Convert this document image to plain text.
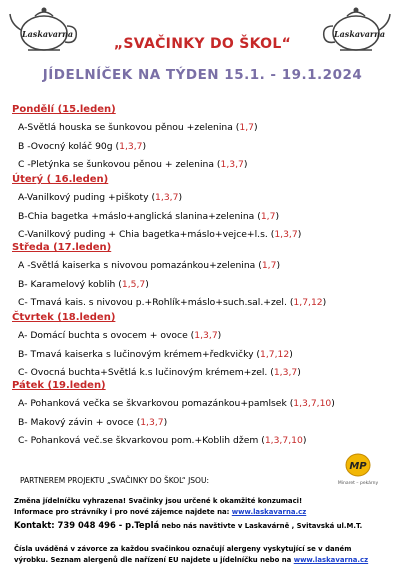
Laskavarna	Laskavarna
„SVAČINKY DO ŠKOL“
JÍDELNÍČEK NA TÝDEN 15.1. - 19.1.2024
Pondělí (15.leden)
A-Světlá houska se šunkovou pěnou +zelenina (1,7)
B -Ovocný koláč 90g (1,3,7)
C -Pletýnka se šunkovou pěnou + zelenina (1,3,7)
Úterý ( 16.leden)
A-Vanilkový puding +piškoty (1,3,7)
B-Chia bagetka +máslo+anglická slanina+zelenina (1,7)
C-Vanilkový puding + Chia bagetka+máslo+vejce+l.s. (1,3,7)
Středa (17.leden)
A -Světlá kaiserka s nivovou pomazánkou+zelenina (1,7)
B- Karamelový koblih (1,5,7)
C- Tmavá kais. s nivovou p.+Rohlík+máslo+such.sal.+zel. (1,7,12)
Čtvrtek (18.leden)
A- Domácí buchta s ovocem + ovoce (1,3,7)
B- Tmavá kaiserka s lučinovým krémem+ředkvičky (1,7,12)
C- Ovocná buchta+Světlá k.s lučinovým krémem+zel. (1,3,7)
Pátek (19.leden)
A- Pohanková večka se škvarkovou pomazánkou+pamlsek (1,3,7,10)
B- Makový závin + ovoce (1,3,7)
C- Pohanková več.se škvarkovou pom.+Koblih džem (1,3,7,10)
PARTNEREM PROJEKTU „SVAČINKY DO ŠKOL“ JSOU:
MP
Minaret – pekárny
Změna jídelníčku vyhrazena! Svačinky jsou určené k okamžité konzumaci!
Informace pro strávníky i pro nové zájemce najdete na: www.laskavarna.cz
Kontakt: 739 048 496 - p.Teplá nebo nás navštivte v Laskavárně , Svitavská ul.M.T.
Čísla uváděná v závorce za každou svačinkou označují alergeny vyskytující se v daném
výrobku. Seznam alergenů dle nařízení EU najdete u jídelníčku nebo na www.laskavarna.cz
